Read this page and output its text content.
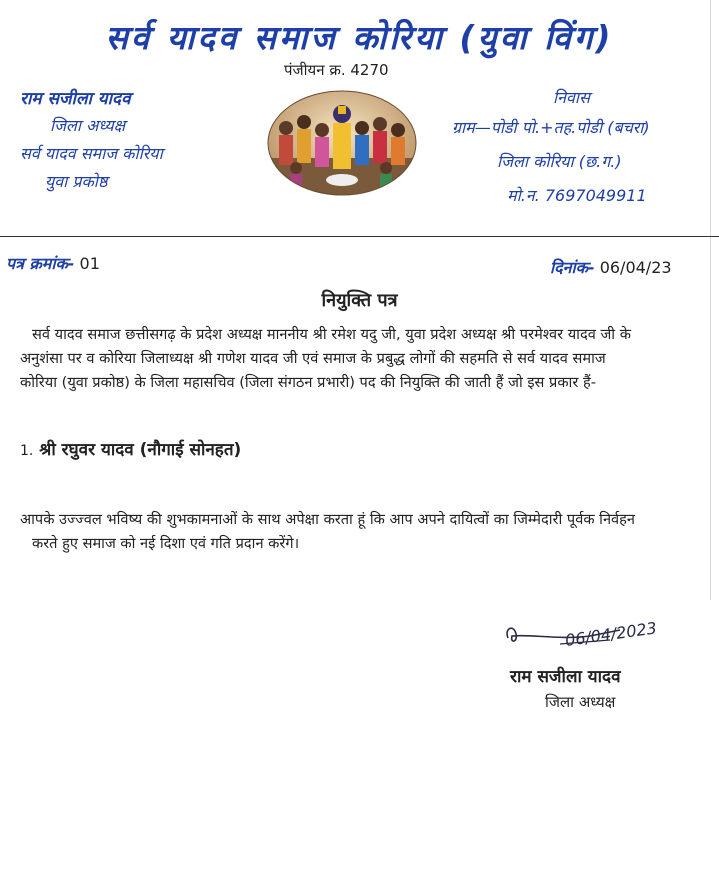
सर्व यादव समाज कोरिया (युवा विंग)
पंजीयन क्र. 4270
राम सजीला यादव
जिला अध्यक्ष
सर्व यादव समाज कोरिया
युवा प्रकोष्ठ
निवास
ग्राम—पोडी पो.+तह.पोडी (बचरा)
जिला कोरिया (छ.ग.)
मो.न. 7697049911
पत्र क्रमांक- 01	दिनांक- 06/04/23
नियुक्ति पत्र
सर्व यादव समाज छत्तीसगढ़ के प्रदेश अध्यक्ष माननीय श्री रमेश यदु जी, युवा प्रदेश अध्यक्ष श्री परमेश्वर यादव जी के
अनुशंसा पर व कोरिया जिलाध्यक्ष श्री गणेश यादव जी एवं समाज के प्रबुद्ध लोगों की सहमति से सर्व यादव समाज
कोरिया (युवा प्रकोष्ठ) के जिला महासचिव (जिला संगठन प्रभारी) पद की नियुक्ति की जाती हैं जो इस प्रकार हैं-
1. श्री रघुवर यादव (नौगाई सोनहत)
आपके उज्ज्वल भविष्य की शुभकामनाओं के साथ अपेक्षा करता हूं कि आप अपने दायित्वों का जिम्मेदारी पूर्वक निर्वहन
करते हुए समाज को नई दिशा एवं गति प्रदान करेंगे।
06/04/2023
राम सजीला यादव
जिला अध्यक्ष
